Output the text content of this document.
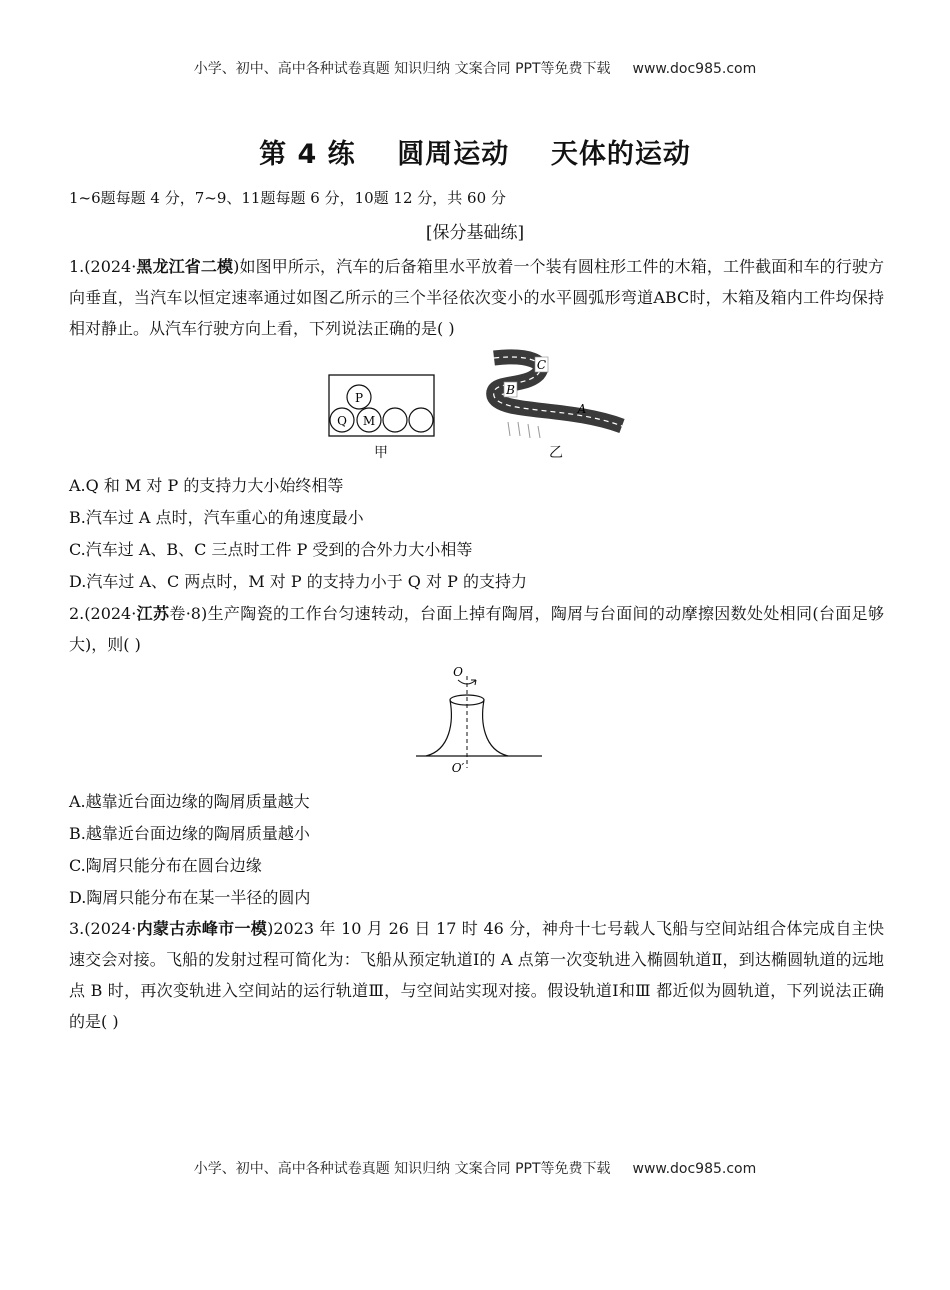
小学、初中、高中各种试卷真题 知识归纳 文案合同 PPT等免费下载 www.doc985.com
第 4 练    圆周运动    天体的运动
1~6题每题 4 分，7~9、11题每题 6 分，10题 12 分，共 60 分
[保分基础练]
1.(2024·黑龙江省二模)如图甲所示，汽车的后备箱里水平放着一个装有圆柱形工件的木箱，工件截面和车的行驶方向垂直，当汽车以恒定速率通过如图乙所示的三个半径依次变小的水平圆弧形弯道ABC时，木箱及箱内工件均保持相对静止。从汽车行驶方向上看，下列说法正确的是( )
P
Q M
甲
C
B
A
乙
A.Q 和 M 对 P 的支持力大小始终相等
B.汽车过 A 点时，汽车重心的角速度最小
C.汽车过 A、B、C 三点时工件 P 受到的合外力大小相等
D.汽车过 A、C 两点时，M 对 P 的支持力小于 Q 对 P 的支持力
2.(2024·江苏卷·8)生产陶瓷的工作台匀速转动，台面上掉有陶屑，陶屑与台面间的动摩擦因数处处相同(台面足够大)，则( )
O
O′
A.越靠近台面边缘的陶屑质量越大
B.越靠近台面边缘的陶屑质量越小
C.陶屑只能分布在圆台边缘
D.陶屑只能分布在某一半径的圆内
3.(2024·内蒙古赤峰市一模)2023 年 10 月 26 日 17 时 46 分，神舟十七号载人飞船与空间站组合体完成自主快速交会对接。飞船的发射过程可简化为：飞船从预定轨道Ⅰ的 A 点第一次变轨进入椭圆轨道Ⅱ，到达椭圆轨道的远地点 B 时，再次变轨进入空间站的运行轨道Ⅲ，与空间站实现对接。假设轨道Ⅰ和Ⅲ 都近似为圆轨道，下列说法正确的是( )
小学、初中、高中各种试卷真题 知识归纳 文案合同 PPT等免费下载 www.doc985.com
